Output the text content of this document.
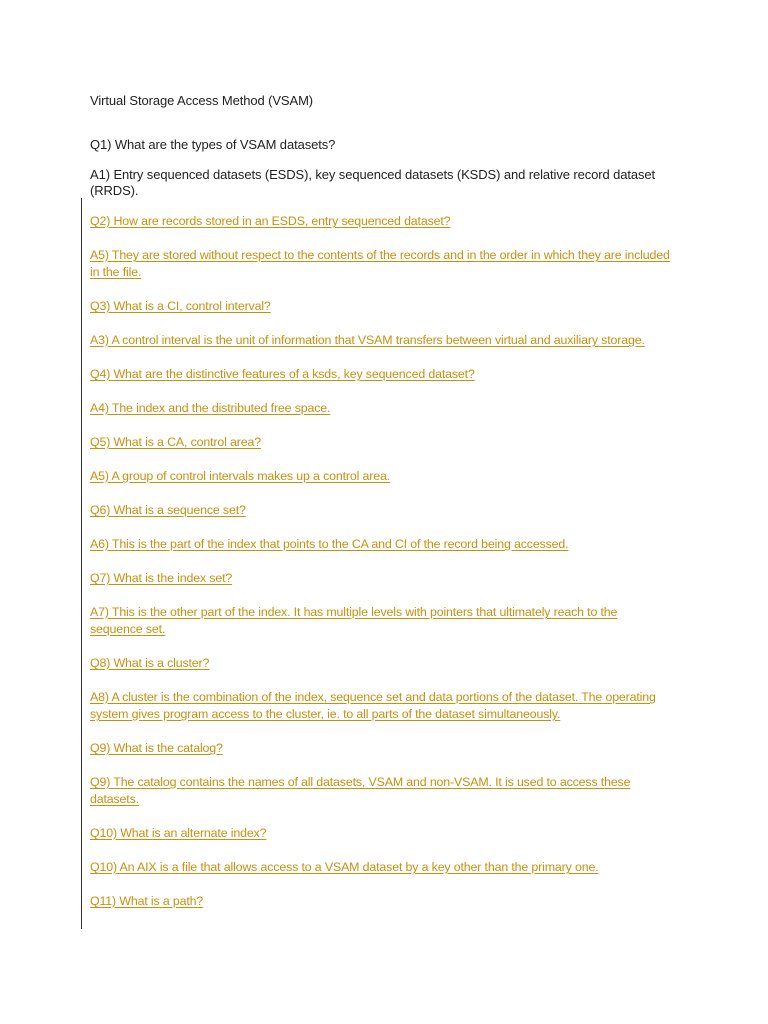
Virtual Storage Access Method (VSAM)
Q1) What are the types of VSAM datasets?
A1) Entry sequenced datasets (ESDS), key sequenced datasets (KSDS) and relative record dataset (RRDS).

Q2) How are records stored in an ESDS, entry sequenced dataset?

A5) They are stored without respect to the contents of the records and in the order in which they are included in the file.

Q3) What is a CI, control interval?

A3) A control interval is the unit of information that VSAM transfers between virtual and auxiliary storage.

Q4) What are the distinctive features of a ksds, key sequenced dataset?

A4) The index and the distributed free space.

Q5) What is a CA, control area?

A5) A group of control intervals makes up a control area.

Q6) What is a sequence set?

A6) This is the part of the index that points to the CA and CI of the record being accessed.

Q7) What is the index set?

A7) This is the other part of the index. It has multiple levels with pointers that ultimately reach to the sequence set.

Q8) What is a cluster?

A8) A cluster is the combination of the index, sequence set and data portions of the dataset. The operating system gives program access to the cluster, ie. to all parts of the dataset simultaneously.

Q9) What is the catalog?

Q9) The catalog contains the names of all datasets, VSAM and non-VSAM. It is used to access these datasets.

Q10) What is an alternate index?

Q10) An AIX is a file that allows access to a VSAM dataset by a key other than the primary one.

Q11) What is a path?
